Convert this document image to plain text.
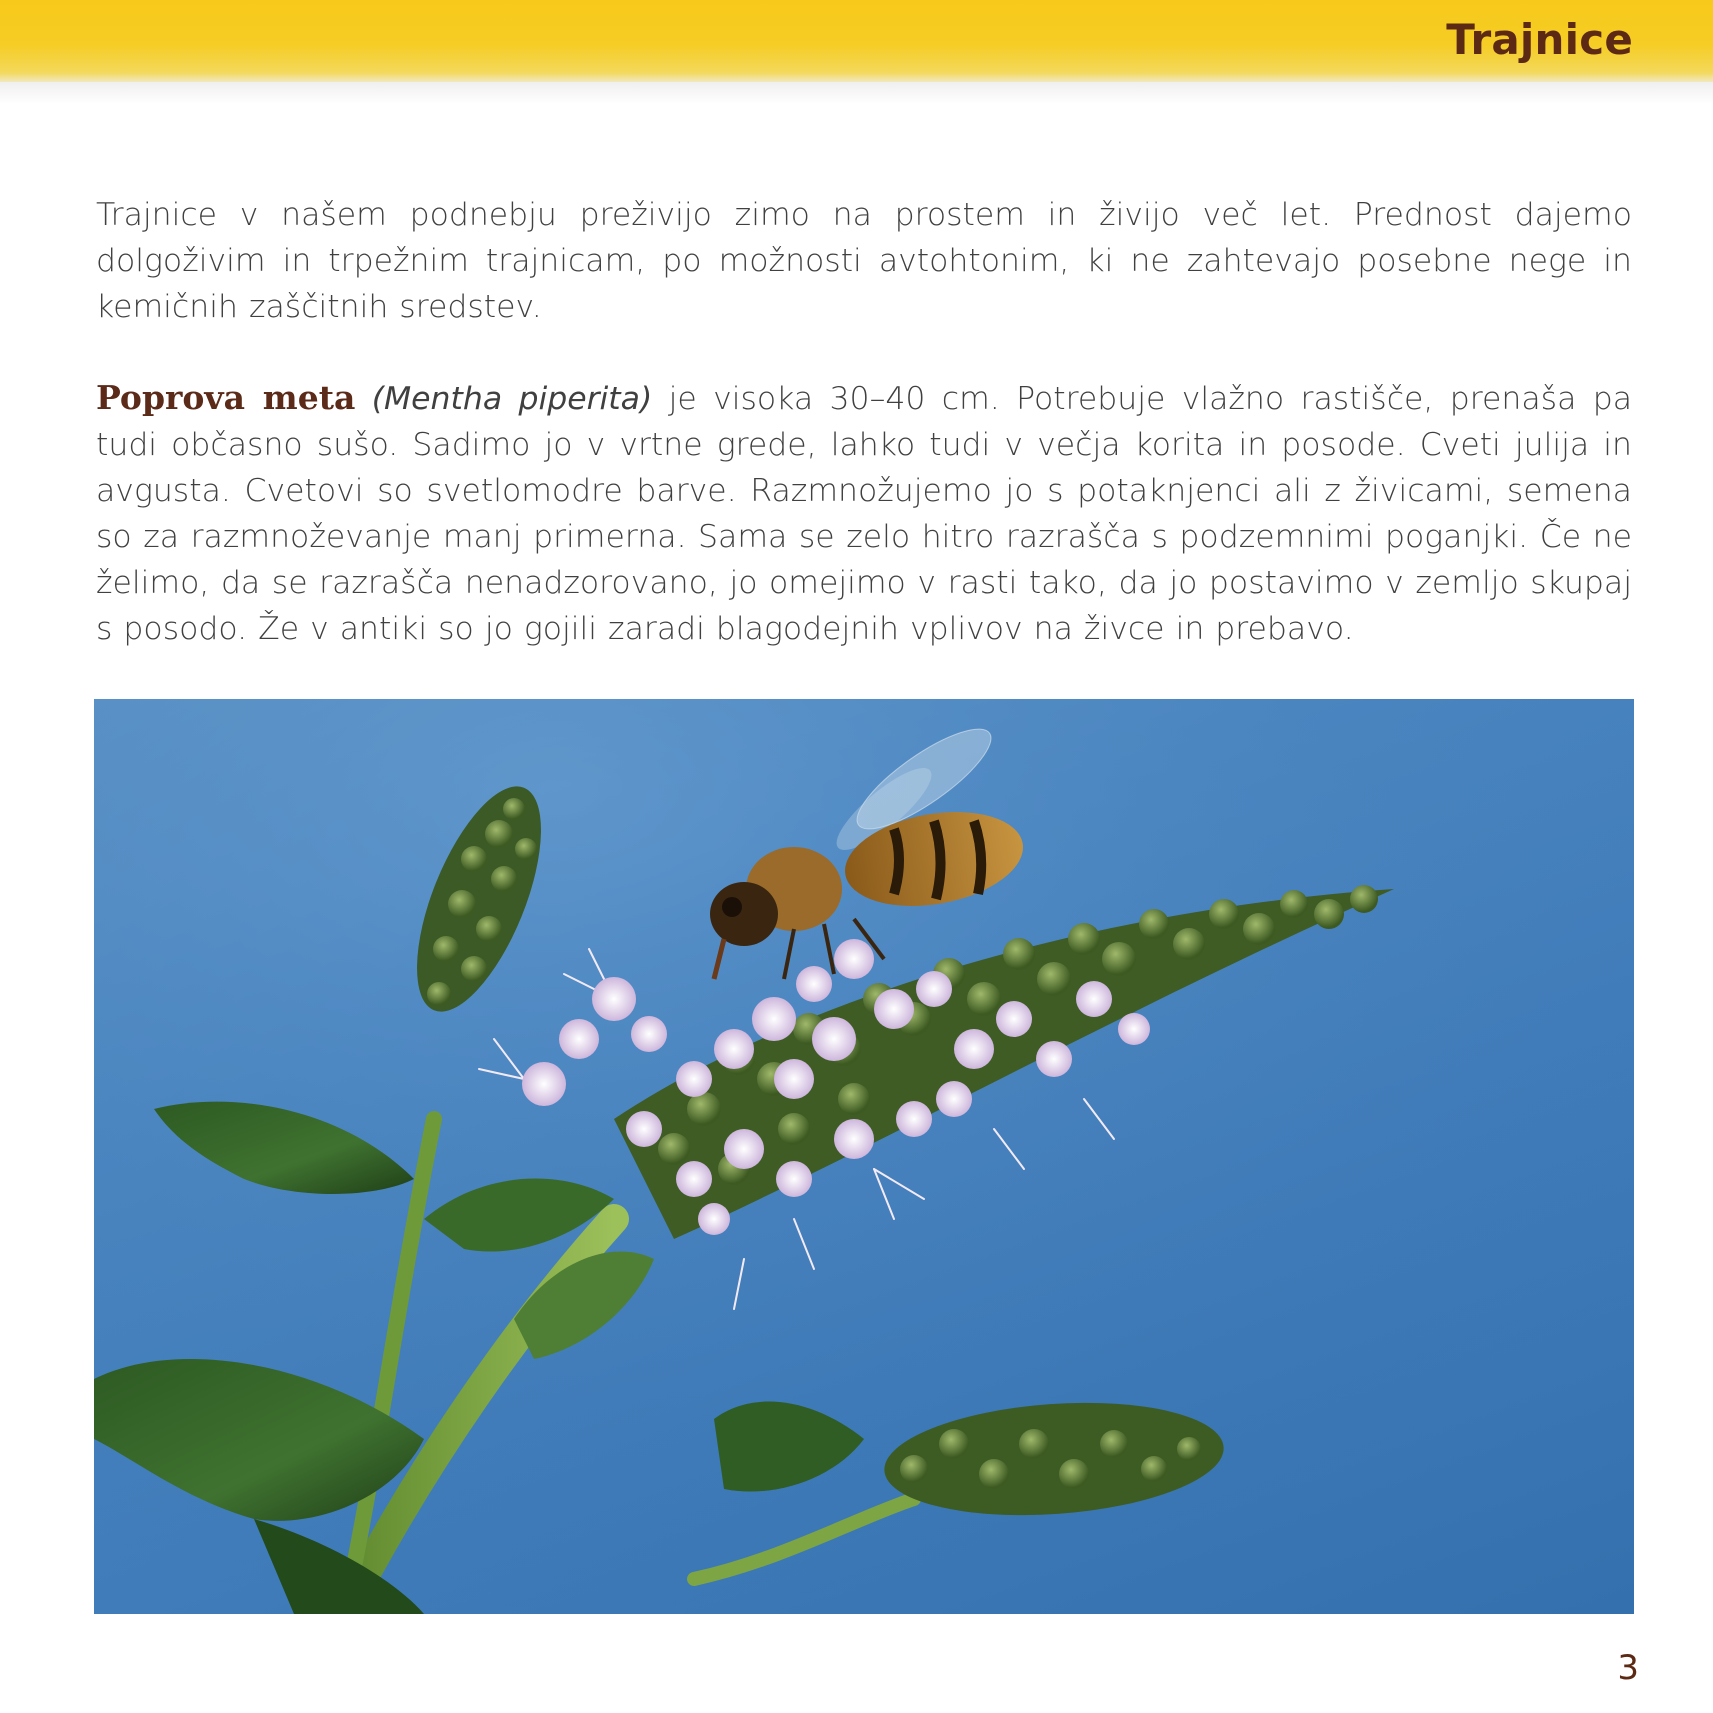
Trajnice

Trajnice v našem podnebju preživijo zimo na prostem in živijo več let. Prednost dajemo dolgoživim in trpežnim trajnicam, po možnosti avtohtonim, ki ne zahtevajo posebne nege in kemičnih zaščitnih sredstev.

Poprova meta (Mentha piperita) je visoka 30–40 cm. Potrebuje vlažno rastišče, prenaša pa tudi občasno sušo. Sadimo jo v vrtne grede, lahko tudi v večja korita in posode. Cveti julija in avgusta. Cvetovi so svetlomodre barve. Razmnožujemo jo s potaknjenci ali z živicami, semena so za razmnoževanje manj primerna. Sama se zelo hitro razrašča s podzemnimi poganjki. Če ne želimo, da se razrašča nenadzorovano, jo omejimo v rasti tako, da jo postavimo v zemljo skupaj s posodo. Že v antiki so jo gojili zaradi blagodejnih vplivov na živce in prebavo.

3
